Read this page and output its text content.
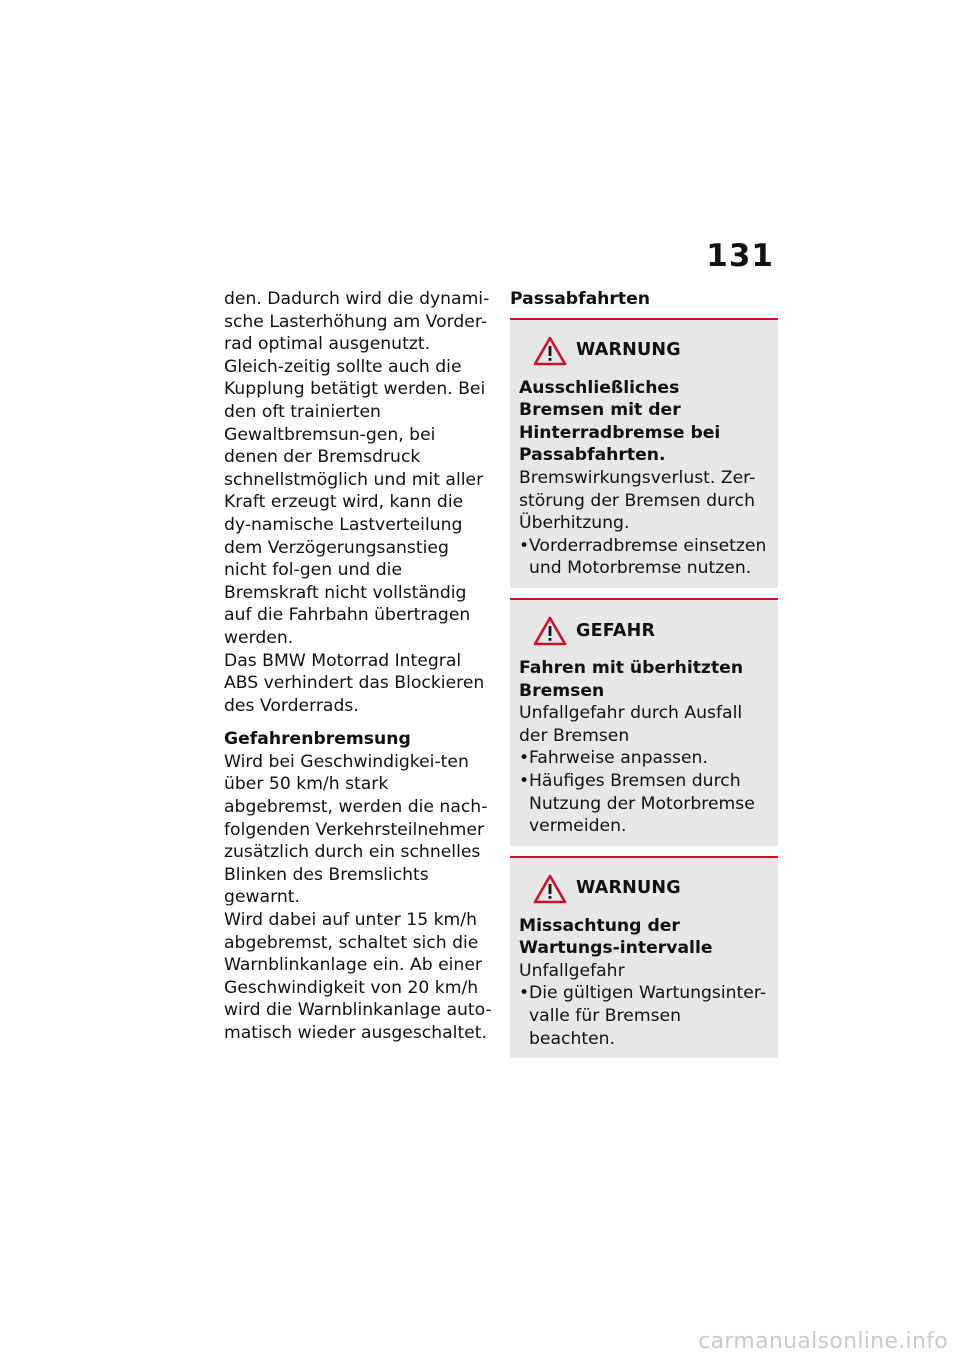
131

den. Dadurch wird die dynami-sche Lasterhöhung am Vorder-rad optimal ausgenutzt. Gleich-zeitig sollte auch die Kupplung betätigt werden. Bei den oft trainierten Gewaltbremsun-gen, bei denen der Bremsdruck schnellstmöglich und mit aller Kraft erzeugt wird, kann die dy-namische Lastverteilung dem Verzögerungsanstieg nicht fol-gen und die Bremskraft nicht vollständig auf die Fahrbahn übertragen werden.

Das BMW Motorrad Integral ABS verhindert das Blockieren des Vorderrads.

Gefahrenbremsung

Wird bei Geschwindigkei-ten über 50 km/h stark abgebremst, werden die nach-folgenden Verkehrsteilnehmer zusätzlich durch ein schnelles Blinken des Bremslichts gewarnt.

Wird dabei auf unter 15 km/h abgebremst, schaltet sich die Warnblinkanlage ein. Ab einer Geschwindigkeit von 20 km/h wird die Warnblinkanlage auto-matisch wieder ausgeschaltet.

Passabfahrten

WARNUNG

Ausschließliches Bremsen mit der Hinterradbremse bei Passabfahrten.

Bremswirkungsverlust. Zer-störung der Bremsen durch Überhitzung.

• Vorderradbremse einsetzen und Motorbremse nutzen.
GEFAHR

Fahren mit überhitzten Bremsen

Unfallgefahr durch Ausfall der Bremsen

• Fahrweise anpassen.
• Häufiges Bremsen durch Nutzung der Motorbremse vermeiden.
WARNUNG

Missachtung der Wartungs-intervalle

Unfallgefahr

• Die gültigen Wartungsinter-valle für Bremsen beachten.
carmanualsonline.info
